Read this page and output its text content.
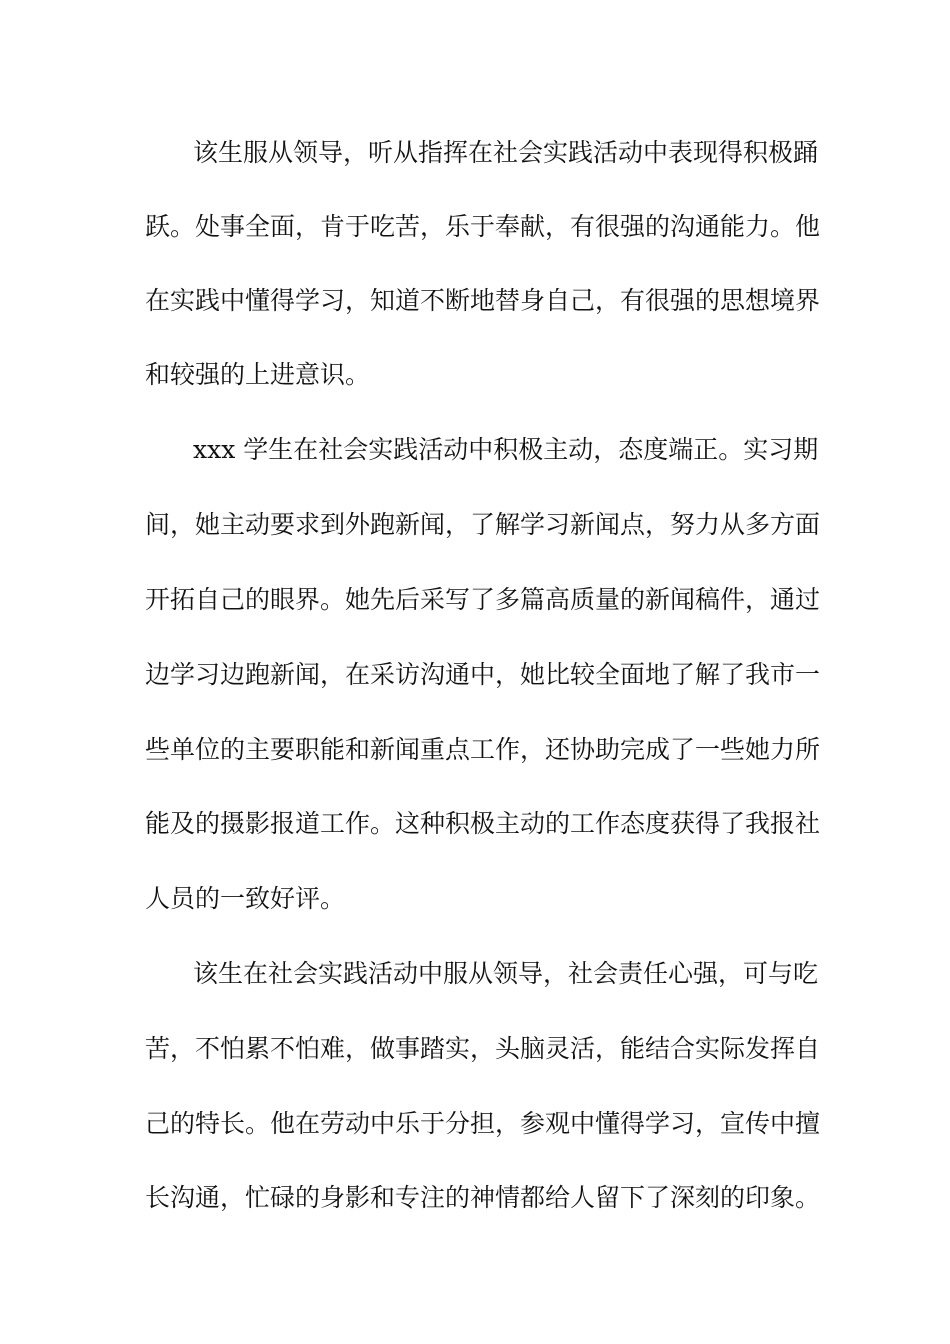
该生服从领导，听从指挥在社会实践活动中表现得积极踊
跃。处事全面，肯于吃苦，乐于奉献，有很强的沟通能力。他
在实践中懂得学习，知道不断地替身自己，有很强的思想境界
和较强的上进意识。
xxx 学生在社会实践活动中积极主动，态度端正。实习期
间，她主动要求到外跑新闻，了解学习新闻点，努力从多方面
开拓自己的眼界。她先后采写了多篇高质量的新闻稿件，通过
边学习边跑新闻，在采访沟通中，她比较全面地了解了我市一
些单位的主要职能和新闻重点工作，还协助完成了一些她力所
能及的摄影报道工作。这种积极主动的工作态度获得了我报社
人员的一致好评。
该生在社会实践活动中服从领导，社会责任心强，可与吃
苦，不怕累不怕难，做事踏实，头脑灵活，能结合实际发挥自
己的特长。他在劳动中乐于分担，参观中懂得学习，宣传中擅
长沟通，忙碌的身影和专注的神情都给人留下了深刻的印象。
